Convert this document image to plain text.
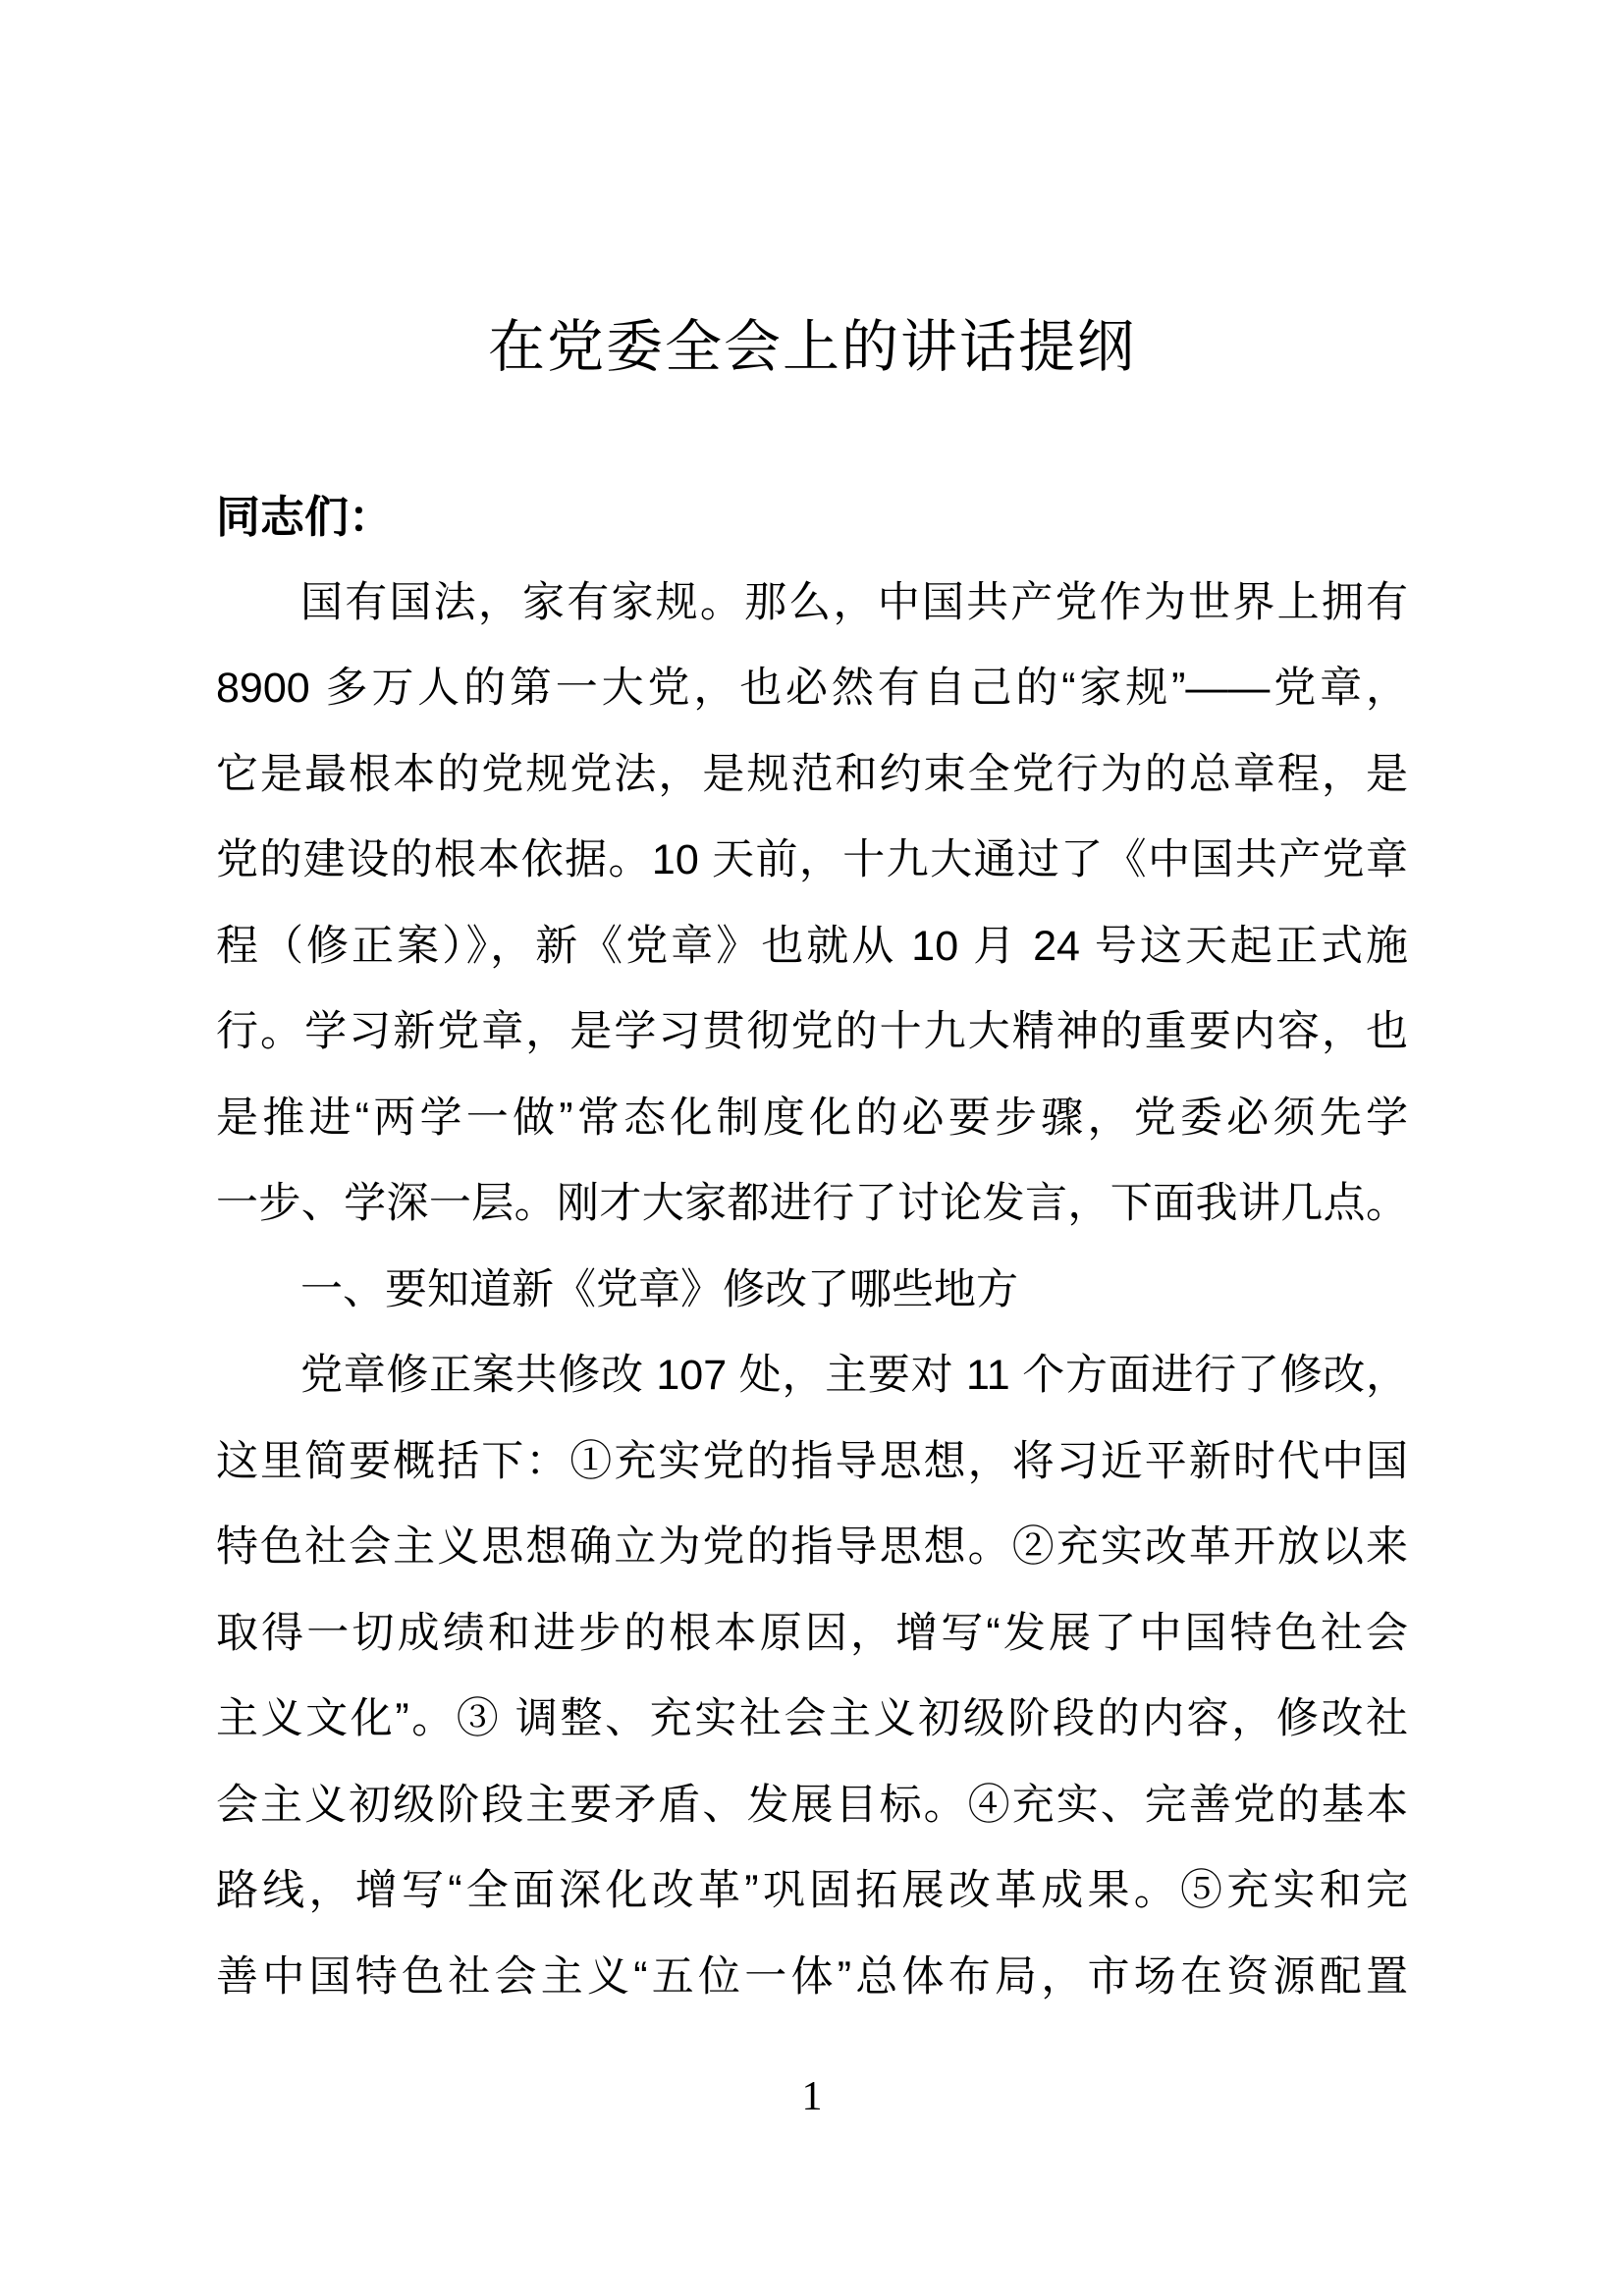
在党委全会上的讲话提纲
同志们：
国有国法，家有家规。那么，中国共产党作为世界上拥有
8900 多万人的第一大党，也必然有自己的“家规”——党章，
它是最根本的党规党法，是规范和约束全党行为的总章程，是
党的建设的根本依据。10 天前，十九大通过了《中国共产党章
程（修正案）》，新《党章》也就从 10 月 24 号这天起正式施
行。学习新党章，是学习贯彻党的十九大精神的重要内容，也
是推进“两学一做”常态化制度化的必要步骤，党委必须先学
一步、学深一层。刚才大家都进行了讨论发言，下面我讲几点。
一、要知道新《党章》修改了哪些地方
党章修正案共修改 107 处，主要对 11 个方面进行了修改，
这里简要概括下：①充实党的指导思想，将习近平新时代中国
特色社会主义思想确立为党的指导思想。②充实改革开放以来
取得一切成绩和进步的根本原因，增写“发展了中国特色社会
主义文化”。③ 调整、充实社会主义初级阶段的内容，修改社
会主义初级阶段主要矛盾、发展目标。④充实、完善党的基本
路线，增写“全面深化改革”巩固拓展改革成果。⑤充实和完
善中国特色社会主义“五位一体”总体布局，市场在资源配置
1
